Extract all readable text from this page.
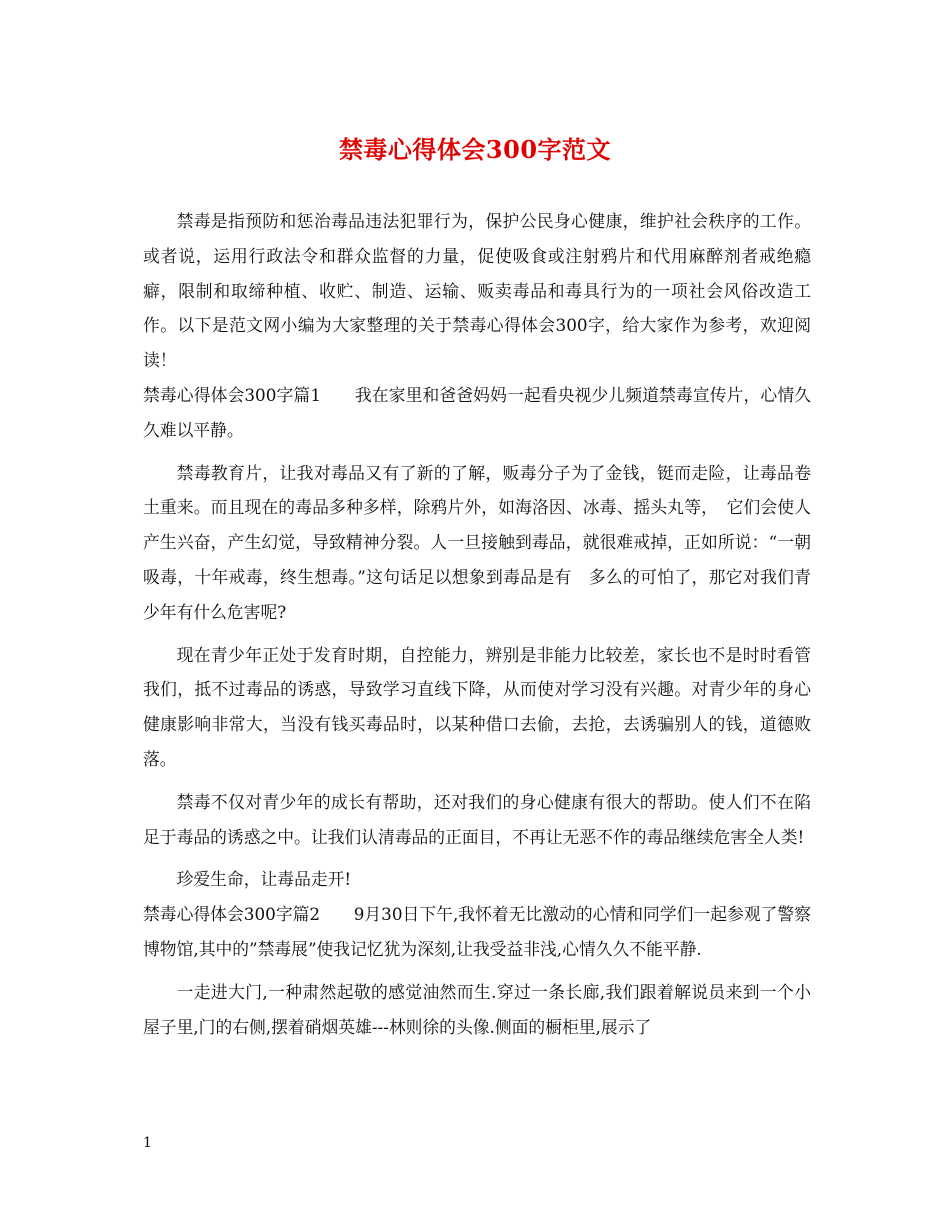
禁毒心得体会300字范文

禁毒是指预防和惩治毒品违法犯罪行为，保护公民身心健康，维护社会秩序的工作。或者说，运用行政法令和群众监督的力量，促使吸食或注射鸦片和代用麻醉剂者戒绝瘾癖，限制和取缔种植、收贮、制造、运输、贩卖毒品和毒具行为的一项社会风俗改造工作。以下是范文网小编为大家整理的关于禁毒心得体会300字，给大家作为参考，欢迎阅读！

禁毒心得体会300字篇1　　我在家里和爸爸妈妈一起看央视少儿频道禁毒宣传片，心情久久难以平静。

禁毒教育片，让我对毒品又有了新的了解，贩毒分子为了金钱，铤而走险，让毒品卷土重来。而且现在的毒品多种多样，除鸦片外，如海洛因、冰毒、摇头丸等，　它们会使人产生兴奋，产生幻觉，导致精神分裂。人一旦接触到毒品，就很难戒掉，正如所说：“一朝吸毒，十年戒毒，终生想毒。”这句话足以想象到毒品是有　多么的可怕了，那它对我们青少年有什么危害呢?

现在青少年正处于发育时期，自控能力，辨别是非能力比较差，家长也不是时时看管我们，抵不过毒品的诱惑，导致学习直线下降，从而使对学习没有兴趣。对青少年的身心健康影响非常大，当没有钱买毒品时，以某种借口去偷，去抢，去诱骗别人的钱，道德败落。

禁毒不仅对青少年的成长有帮助，还对我们的身心健康有很大的帮助。使人们不在陷足于毒品的诱惑之中。让我们认清毒品的正面目，不再让无恶不作的毒品继续危害全人类!

珍爱生命，让毒品走开!

禁毒心得体会300字篇2　　9月30日下午,我怀着无比激动的心情和同学们一起参观了警察博物馆,其中的”禁毒展”使我记忆犹为深刻,让我受益非浅,心情久久不能平静.

一走进大门,一种肃然起敬的感觉油然而生.穿过一条长廊,我们跟着解说员来到一个小屋子里,门的右侧,摆着硝烟英雄---林则徐的头像.侧面的橱柜里,展示了

1
